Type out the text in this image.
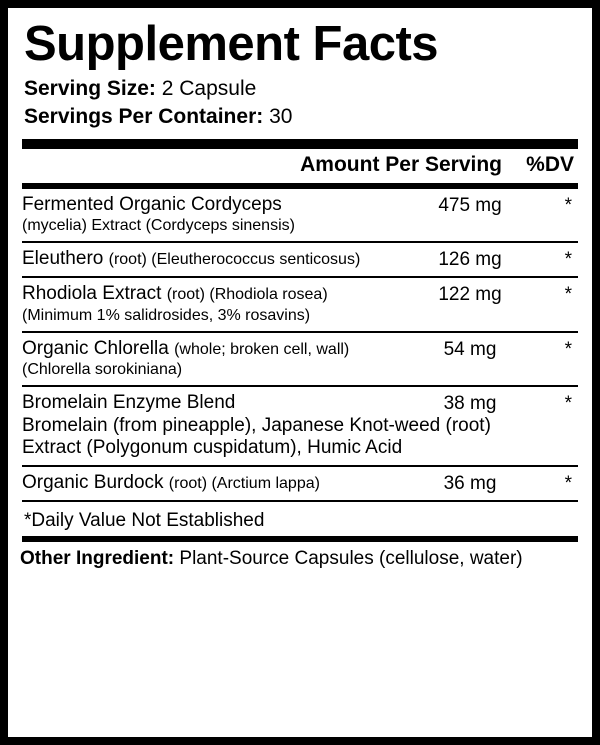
Supplement Facts
Serving Size: 2 Capsule
Servings Per Container: 30
Amount Per Serving	%DV
Fermented Organic Cordyceps
(mycelia) Extract (Cordyceps sinensis)
475 mg	*
Eleuthero (root) (Eleutherococcus senticosus)	126 mg	*
Rhodiola Extract (root) (Rhodiola rosea)
(Minimum 1% salidrosides, 3% rosavins)
122 mg	*
Organic Chlorella (whole; broken cell, wall)
(Chlorella sorokiniana)
54 mg	*
Bromelain Enzyme Blend	38 mg	*
Bromelain (from pineapple), Japanese Knot-weed (root)
Extract (Polygonum cuspidatum), Humic Acid
Organic Burdock (root) (Arctium lappa)	36 mg	*
*Daily Value Not Established
Other Ingredient: Plant-Source Capsules (cellulose, water)
